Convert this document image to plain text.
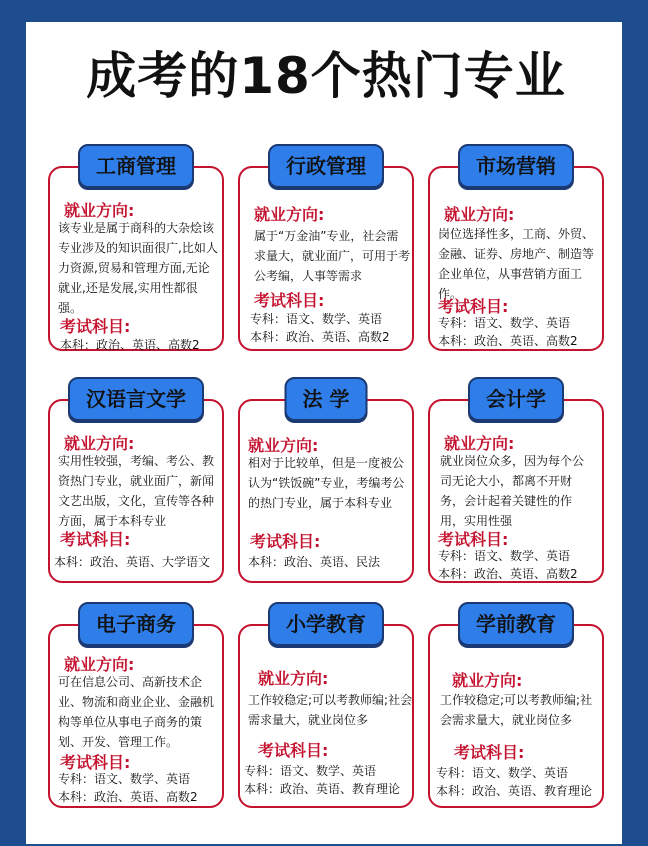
成考的18个热门专业
工商管理
就业方向:
该专业是属于商科的大杂烩该专业涉及的知识面很广,比如人力资源,贸易和管理方面,无论就业,还是发展,实用性都很强。
考试科目:
本科：政治、英语、高数2
行政管理
就业方向:
属于“万金油”专业，社会需求量大，就业面广，可用于考公考编，人事等需求
考试科目:
专科：语文、数学、英语
本科：政治、英语、高数2
市场营销
就业方向:
岗位选择性多，工商、外贸、金融、证券、房地产、制造等企业单位，从事营销方面工作。
考试科目:
专科：语文、数学、英语
本科：政治、英语、高数2
汉语言文学
就业方向:
实用性较强，考编、考公、教资热门专业，就业面广，新闻文艺出版，文化，宣传等各种方面，属于本科专业
考试科目:
本科：政治、英语、大学语文
法 学
就业方向:
相对于比较单，但是一度被公认为“铁饭碗”专业，考编考公的热门专业，属于本科专业
考试科目:
本科：政治、英语、民法
会计学
就业方向:
就业岗位众多，因为每个公司无论大小，都离不开财务，会计起着关键性的作用，实用性强
考试科目:
专科：语文、数学、英语
本科：政治、英语、高数2
电子商务
就业方向:
可在信息公司、高新技术企业、物流和商业企业、金融机构等单位从事电子商务的策划、开发、管理工作。
考试科目:
专科：语文、数学、英语
本科：政治、英语、高数2
小学教育
就业方向:
工作较稳定;可以考教师编;社会需求量大，就业岗位多
考试科目:
专科：语文、数学、英语
本科：政治、英语、教育理论
学前教育
就业方向:
工作较稳定;可以考教师编;社会需求量大，就业岗位多
考试科目:
专科：语文、数学、英语
本科：政治、英语、教育理论
